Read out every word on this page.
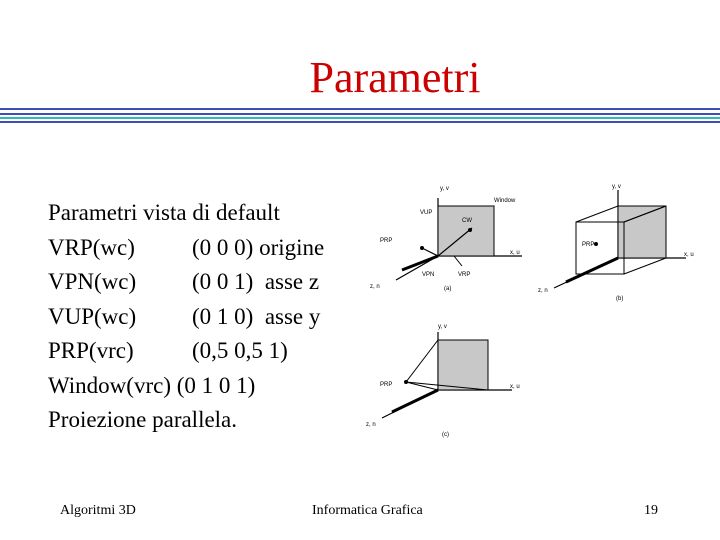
Parametri
Parametri vista di default
VRP(wc) (0 0 0) origine
VPN(wc) (0 0 1)  asse z
VUP(wc) (0 1 0)  asse y
PRP(vrc)	(0,5 0,5 1)
Window(vrc) (0 1 0 1)
Proiezione parallela.
y, v
Window
VUP
CW
PRP
VPN	VRP
x, u
z, n	(a)
y, v
PRP
x, u
z, n
(b)
y, v
PRP	x, u
z, n
(c)
Algoritmi 3D	Informatica Grafica	19
